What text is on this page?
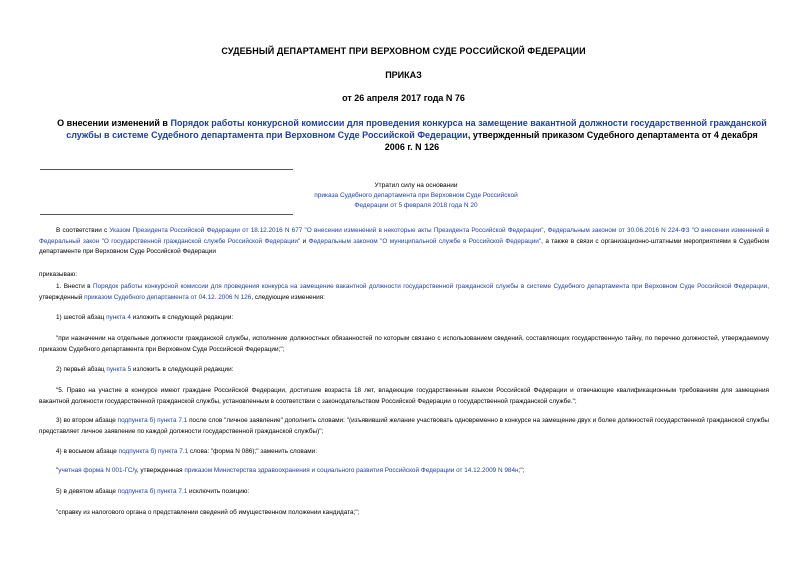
СУДЕБНЫЙ ДЕПАРТАМЕНТ ПРИ ВЕРХОВНОМ СУДЕ РОССИЙСКОЙ ФЕДЕРАЦИИ
ПРИКАЗ
от 26 апреля 2017 года N 76
О внесении изменений в Порядок работы конкурсной комиссии для проведения конкурса на замещение вакантной должности государственной гражданской службы в системе Судебного департамента при Верховном Суде Российской Федерации, утвержденный приказом Судебного департамента от 4 декабря 2006 г. N 126
Утратил силу на основании
приказа Судебного департамента при Верховном Суде Российской Федерации от 5 февраля 2018 года N 20
В соответствии с Указом Президента Российской Федерации от 18.12.2016 N 677 "О внесении изменений в некоторые акты Президента Российской Федерации", Федеральным законом от 30.06.2016 N 224-ФЗ "О внесении изменений в Федеральный закон "О государственной гражданской службе Российской Федерации" и Федеральным законом "О муниципальной службе в Российской Федерации", а также в связи с организационно-штатными мероприятиями в Судебном департаменте при Верховном Суде Российской Федерации
приказываю:
1. Внести в Порядок работы конкурсной комиссии для проведения конкурса на замещение вакантной должности государственной гражданской службы в системе Судебного департамента при Верховном Суде Российской Федерации, утвержденный приказом Судебного департамента от 04.12. 2006 N 126, следующие изменения:
1) шестой абзац пункта 4 изложить в следующей редакции:
"при назначении на отдельные должности гражданской службы, исполнение должностных обязанностей по которым связано с использованием сведений, составляющих государственную тайну, по перечню должностей, утверждаемому приказом Судебного департамента при Верховном Суде Российской Федерации;";
2) первый абзац пункта 5 изложить в следующей редакции:
"5. Право на участие в конкурсе имеют граждане Российской Федерации, достигшие возраста 18 лет, владеющие государственным языком Российской Федерации и отвечающие квалификационным требованиям для замещения вакантной должности государственной гражданской службы, установленным в соответствии с законодательством Российской Федерации о государственной гражданской службе.";
3) во втором абзаце подпункта б) пункта 7.1 после слов "личное заявление" дополнить словами: "(изъявивший желание участвовать одновременно в конкурсе на замещение двух и более должностей государственной гражданской службы представляет личное заявление по каждой должности государственной гражданской службы)";
4) в восьмом абзаце подпункта б) пункта 7.1 слова: "форма N 086);" заменить словами:
"учетная форма N 001-ГС/у, утвержденная приказом Министерства здравоохранения и социального развития Российской Федерации от 14.12.2009 N 984н;";
5) в девятом абзаце подпункта б) пункта 7.1 исключить позицию:
"справку из налогового органа о представлении сведений об имущественном положении кандидата;";
